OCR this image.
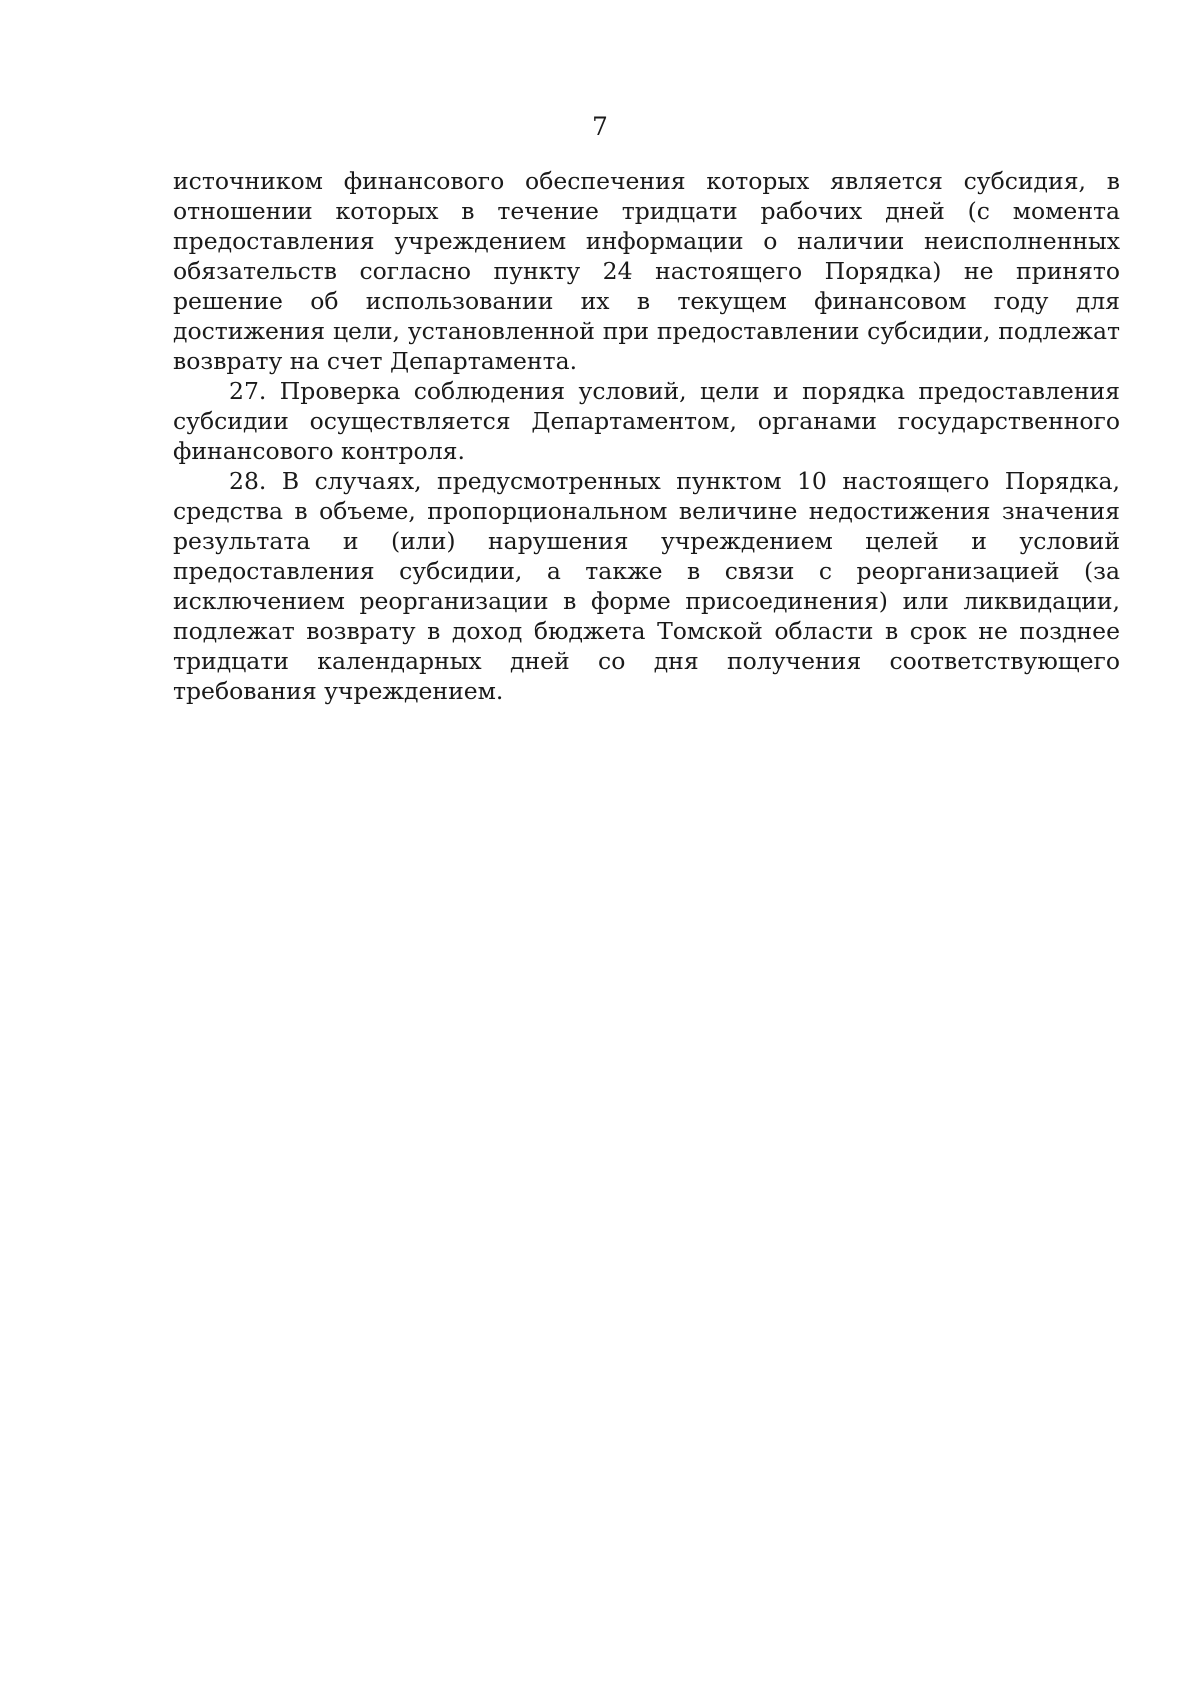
7

источником финансового обеспечения которых является субсидия, в отношении которых в течение тридцати рабочих дней (с момента предоставления учреждением информации о наличии неисполненных обязательств согласно пункту 24 настоящего Порядка) не принято решение об использовании их в текущем финансовом году для достижения цели, установленной при предоставлении субсидии, подлежат возврату на счет Департамента.

27. Проверка соблюдения условий, цели и порядка предоставления субсидии осуществляется Департаментом, органами государственного финансового контроля.

28. В случаях, предусмотренных пунктом 10 настоящего Порядка, средства в объеме, пропорциональном величине недостижения значения результата и (или) нарушения учреждением целей и условий предоставления субсидии, а также в связи с реорганизацией (за исключением реорганизации в форме присоединения) или ликвидации, подлежат возврату в доход бюджета Томской области в срок не позднее тридцати календарных дней со дня получения соответствующего требования учреждением.
